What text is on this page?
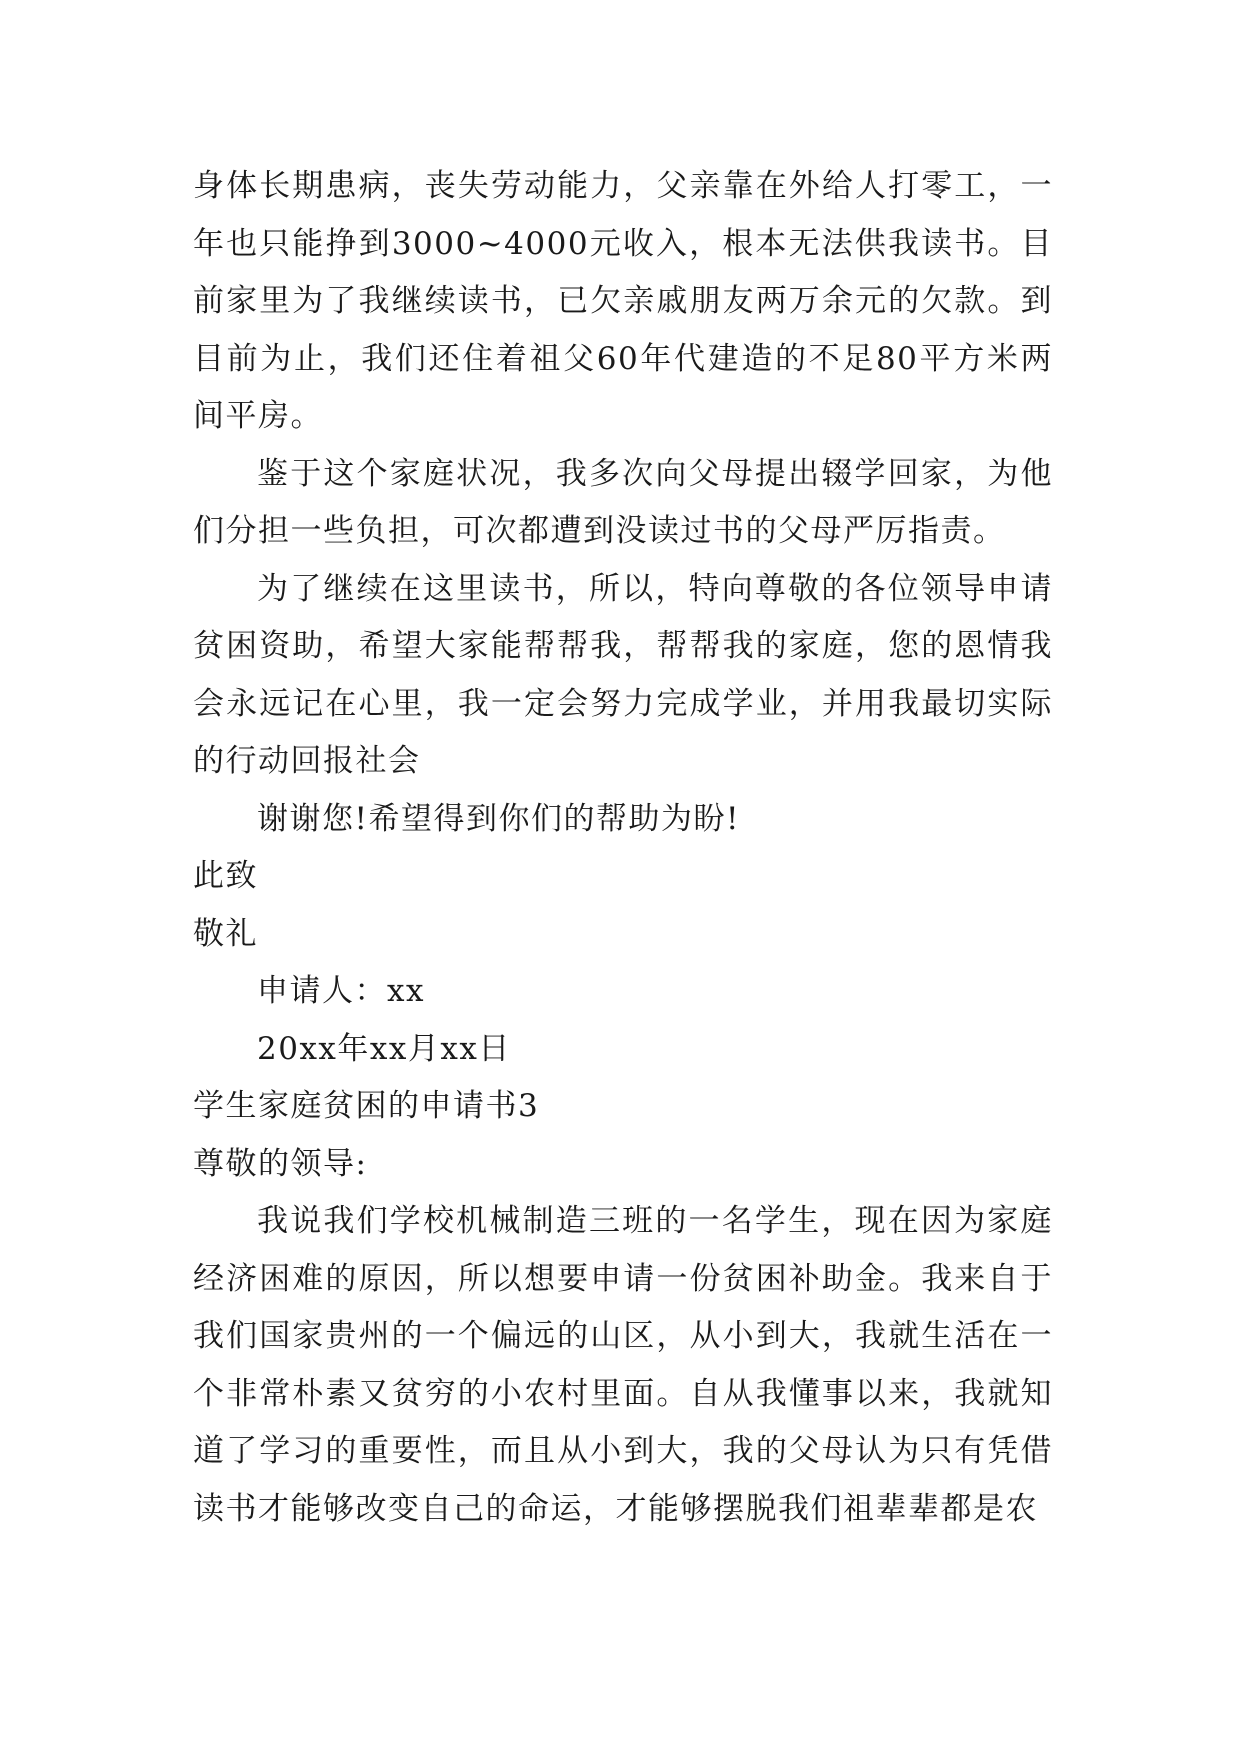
身体长期患病，丧失劳动能力，父亲靠在外给人打零工，一年也只能挣到3000~4000元收入，根本无法供我读书。目前家里为了我继续读书，已欠亲戚朋友两万余元的欠款。到目前为止，我们还住着祖父60年代建造的不足80平方米两间平房。

鉴于这个家庭状况，我多次向父母提出辍学回家，为他们分担一些负担，可次都遭到没读过书的父母严厉指责。

为了继续在这里读书，所以，特向尊敬的各位领导申请贫困资助，希望大家能帮帮我，帮帮我的家庭，您的恩情我会永远记在心里，我一定会努力完成学业，并用我最切实际的行动回报社会

谢谢您!希望得到你们的帮助为盼!

此致

敬礼

申请人：xx

20xx年xx月xx日

学生家庭贫困的申请书3

尊敬的领导:

我说我们学校机械制造三班的一名学生，现在因为家庭经济困难的原因，所以想要申请一份贫困补助金。我来自于我们国家贵州的一个偏远的山区，从小到大，我就生活在一个非常朴素又贫穷的小农村里面。自从我懂事以来，我就知道了学习的重要性，而且从小到大，我的父母认为只有凭借读书才能够改变自己的命运，才能够摆脱我们祖辈辈都是农
